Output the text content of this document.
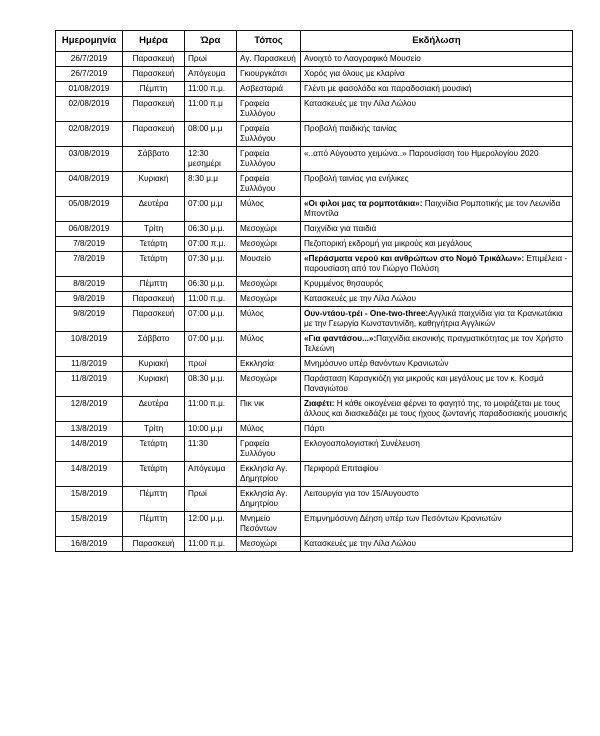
Ημερομηνία	Ημέρα	Ώρα	Τόπος	Εκδήλωση
26/7/2019	Παρασκευή	Πρωί	Αγ. Παρασκευή	Ανοιχτό το Λαογραφικό Μουσείο
26/7/2019	Παρασκευή	Απόγευμα	Γκιουργκάτσι	Χορός για όλους με κλαρίνα
01/08/2019	Πέμπτη	11:00 π.μ.	Ασβεσταριά	Γλέντι με φασολάδα και παραδοσιακή μουσική
02/08/2019	Παρασκευή	11:00 π.μ	Γραφεία Συλλόγου	Κατασκευές με την Λίλα Λώλου
02/08/2019	Παρασκευή	08:00 μ.μ	Γραφεία Συλλόγου	Προβολή παιδικής ταινίας
03/08/2019	Σάββατο	12:30 μεσημέρι	Γραφεία Συλλόγου	«..από Αύγουστο χειμώνα..» Παρουσίαση του Ημερολογίου 2020
04/08/2019	Κυριακή	8:30 μ.μ	Γραφεία Συλλόγου	Προβολή ταινίας για ενήλικες
05/08/2019	Δευτέρα	07:00 μ.μ	Μύλος	«Οι φιλοι μας τα ρομποτάκια»: Παιχνίδια Ρομποτικής με τον Λεωνίδα Μποντίλα
06/08/2019	Τρίτη	06:30 μ.μ.	Μεσοχώρι	Παιχνίδια για παιδιά
7/8/2019	Τετάρτη	07:00 π.μ.	Μεσοχώρι	Πεζοπορική εκδρομή για μικρούς και μεγάλους
7/8/2019	Τετάρτη	07:30 μ.μ.	Μουσείο	«Περάσματα νερού και ανθρώπων στο Νομό Τρικάλων»: Επιμέλεια - παρουσίαση από τον Γιώργο Πολύση
8/8/2019	Πέμπτη	06:30 μ.μ.	Μεσοχώρι	Κρυμμένος θησαυρός
9/8/2019	Παρασκευή	11:00 π.μ.	Μεσοχώρι	Κατασκευές με την Λίλα Λώλου
9/8/2019	Παρασκευή	07:00 μ.μ.	Μύλος	Oυν-ντάου-τρέι - One-two-three:Αγγλικά παιχνίδια για τα Κρανιωτάκια με την Γεωργία Κωνσταντινίδη, καθηγήτρια Αγγλικών
10/8/2019	Σάββατο	07:00 μ.μ.	Μύλος	«Για φαντάσου...»:Παιχνίδια εικονικής πραγματικότητας με τον Χρήστο Τελεώνη
11/8/2019	Κυριακή	πρωί	Εκκλησία	Μνημόσυνο υπέρ θανόντων Κρανιωτών
11/8/2019	Κυριακή	08:30 μ.μ.	Μεσοχώρι	Παράσταση Καραγκιόζη για μικρούς και μεγάλους με τον κ. Κοσμά Παναγιώτου
12/8/2019	Δευτέρα	11:00 π.μ.	Πικ νικ	Ζιαφέτι: Η κάθε οικογένεια φέρνει το φαγητό της, το μοιράζεται με τους άλλους και διασκεδάζει με τους ήχους ζωντανής παραδοσιακής μουσικής
13/8/2019	Τρίτη	10:00 μ.μ	Μύλος	Πάρτι
14/8/2019	Τετάρτη	11:30	Γραφεία Συλλόγου	Εκλογοαπολογιστική Συνέλευση
14/8/2019	Τετάρτη	Απόγευμα	Εκκλησία Αγ. Δημητρίου	Περιφορά Επιταφίου
15/8/2019	Πέμπτη	Πρωί	Εκκλησία Αγ. Δημητρίου	Λειτουργία για τον 15/Αυγουστο
15/8/2019	Πέμπτη	12:00 μ.μ.	Μνημείο Πεσόντων	Επιμνημόσυνη Δέηση υπέρ των Πεσόντων Κρανιωτών
16/8/2019	Παρασκευή	11:00 π.μ.	Μεσοχώρι	Κατασκευές με την Λίλα Λώλου
